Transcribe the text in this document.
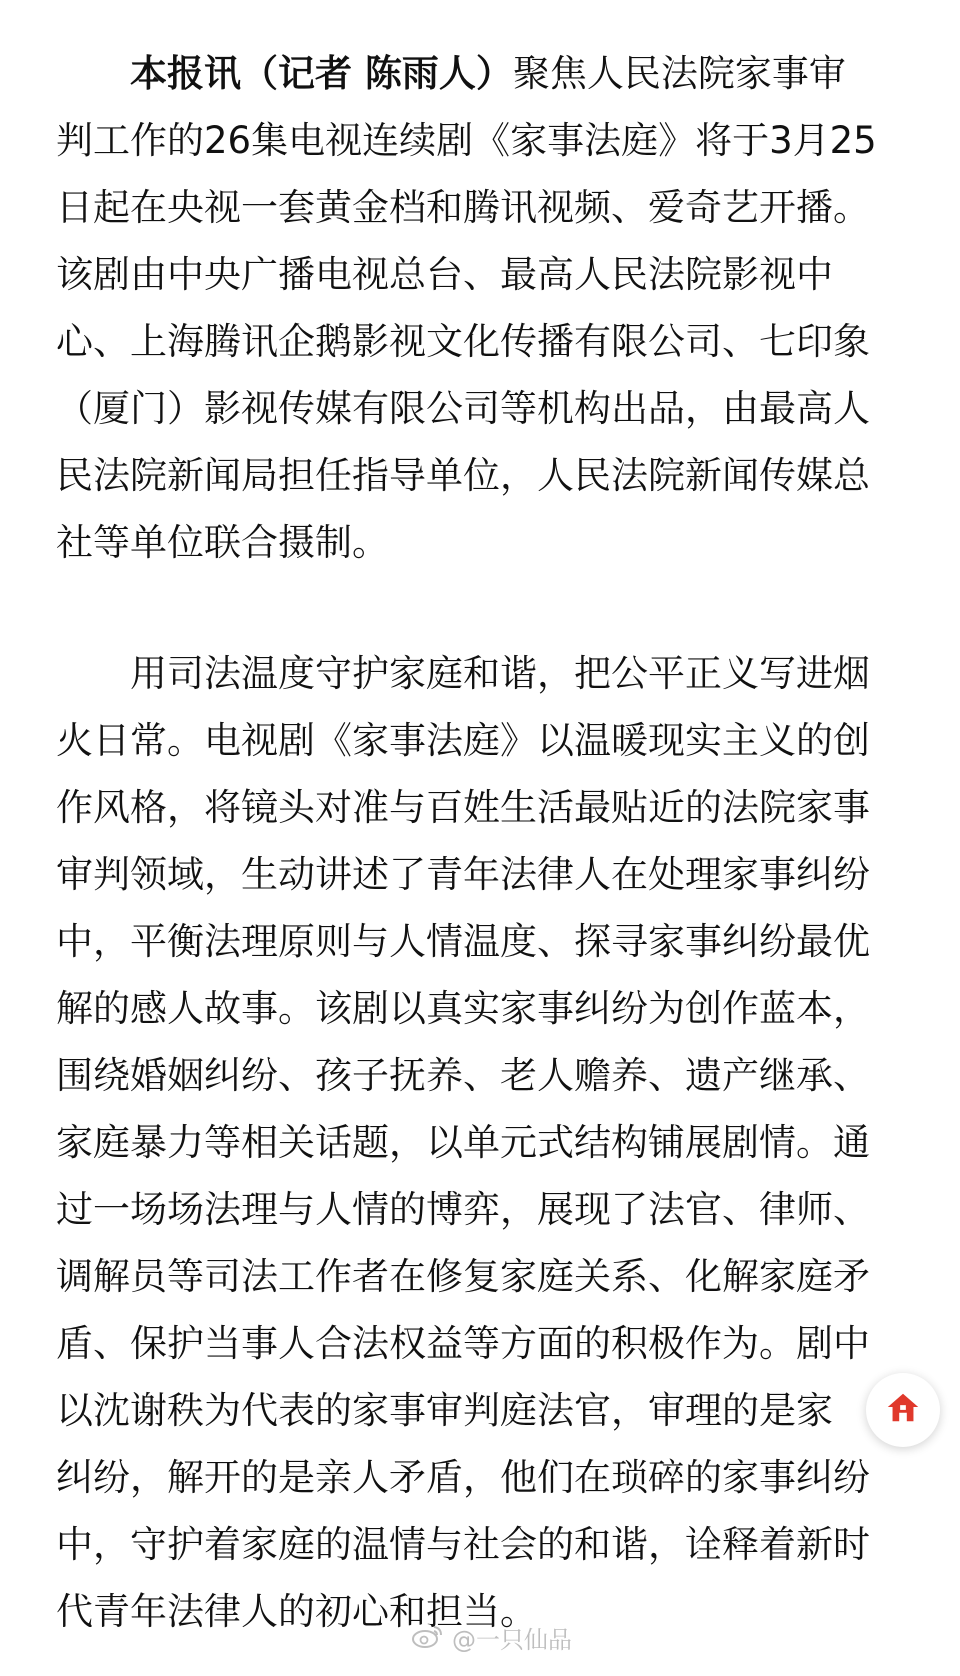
本报讯（记者 陈雨人）聚焦人民法院家事审
判工作的26集电视连续剧《家事法庭》将于3月25
日起在央视一套黄金档和腾讯视频、爱奇艺开播。
该剧由中央广播电视总台、最高人民法院影视中
心、上海腾讯企鹅影视文化传播有限公司、七印象
（厦门）影视传媒有限公司等机构出品，由最高人
民法院新闻局担任指导单位，人民法院新闻传媒总
社等单位联合摄制。
用司法温度守护家庭和谐，把公平正义写进烟
火日常。电视剧《家事法庭》以温暖现实主义的创
作风格，将镜头对准与百姓生活最贴近的法院家事
审判领域，生动讲述了青年法律人在处理家事纠纷
中，平衡法理原则与人情温度、探寻家事纠纷最优
解的感人故事。该剧以真实家事纠纷为创作蓝本，
围绕婚姻纠纷、孩子抚养、老人赡养、遗产继承、
家庭暴力等相关话题，以单元式结构铺展剧情。通
过一场场法理与人情的博弈，展现了法官、律师、
调解员等司法工作者在修复家庭关系、化解家庭矛
盾、保护当事人合法权益等方面的积极作为。剧中
以沈谢秩为代表的家事审判庭法官，审理的是家
纠纷，解开的是亲人矛盾，他们在琐碎的家事纠纷
中，守护着家庭的温情与社会的和谐，诠释着新时
代青年法律人的初心和担当。
@一只仙品
